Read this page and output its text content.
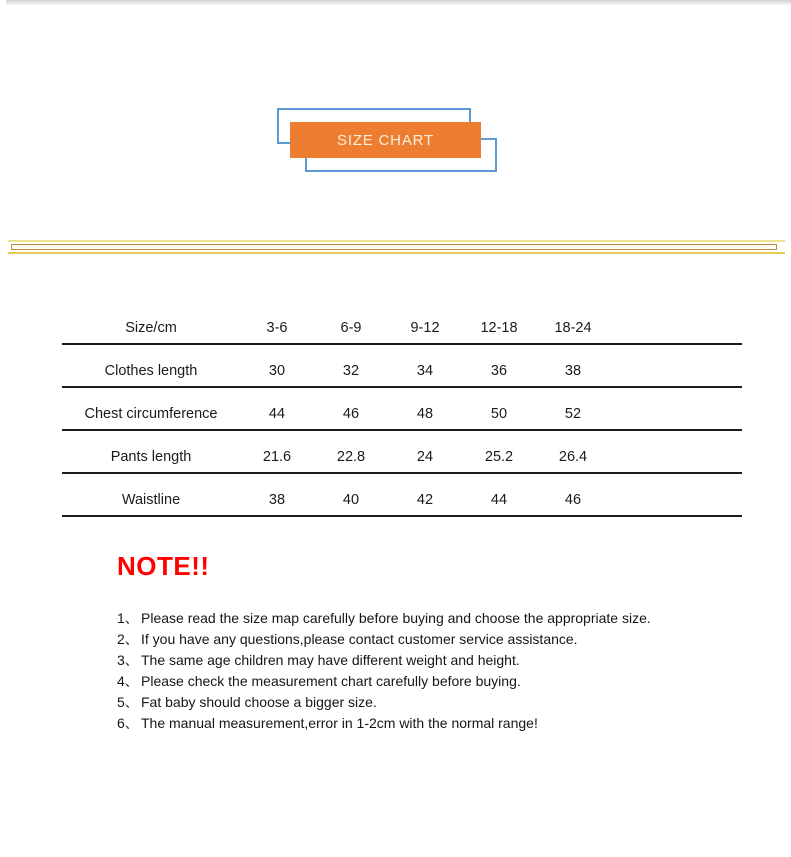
SIZE CHART
Size/cm	3-6	6-9	9-12	12-18	18-24
Clothes length	30	32	34	36	38
Chest circumference	44	46	48	50	52
Pants length	21.6	22.8	24	25.2	26.4
Waistline	38	40	42	44	46
NOTE!!
1、 Please read the size map carefully before buying and choose the appropriate size.
2、 If you have any questions,please contact customer service assistance.
3、 The same age children may have different weight and height.
4、 Please check the measurement chart carefully before buying.
5、 Fat baby should choose a bigger size.
6、 The manual measurement,error in 1-2cm with the normal range!
